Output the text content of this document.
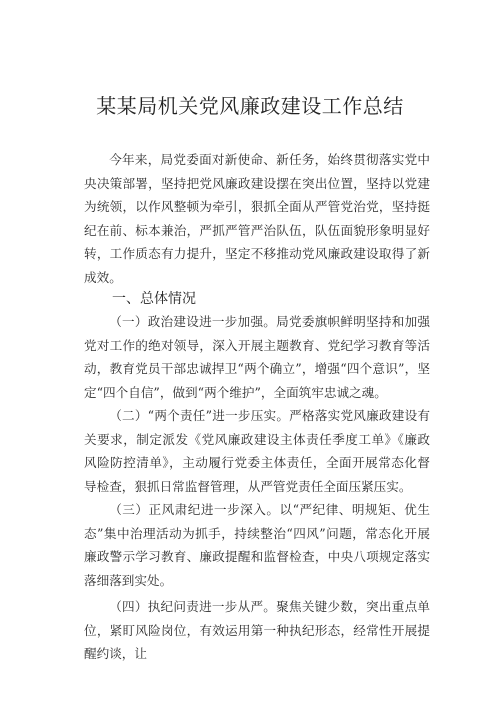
某某局机关党风廉政建设工作总结

今年来，局党委面对新使命、新任务，始终贯彻落实党中央决策部署，坚持把党风廉政建设摆在突出位置，坚持以党建为统领，以作风整顿为牵引，狠抓全面从严管党治党，坚持挺纪在前、标本兼治，严抓严管严治队伍，队伍面貌形象明显好转，工作质态有力提升，坚定不移推动党风廉政建设取得了新成效。

一、总体情况

（一）政治建设进一步加强。局党委旗帜鲜明坚持和加强党对工作的绝对领导，深入开展主题教育、党纪学习教育等活动，教育党员干部忠诚捍卫“两个确立”，增强“四个意识”，坚定“四个自信”，做到“两个维护”，全面筑牢忠诚之魂。

（二）“两个责任”进一步压实。严格落实党风廉政建设有关要求，制定派发《党风廉政建设主体责任季度工单》《廉政风险防控清单》，主动履行党委主体责任，全面开展常态化督导检查，狠抓日常监督管理，从严管党责任全面压紧压实。

（三）正风肃纪进一步深入。以“严纪律、明规矩、优生态”集中治理活动为抓手，持续整治“四风”问题，常态化开展廉政警示学习教育、廉政提醒和监督检查，中央八项规定落实落细落到实处。

（四）执纪问责进一步从严。聚焦关键少数，突出重点单位，紧盯风险岗位，有效运用第一种执纪形态，经常性开展提醒约谈，让
